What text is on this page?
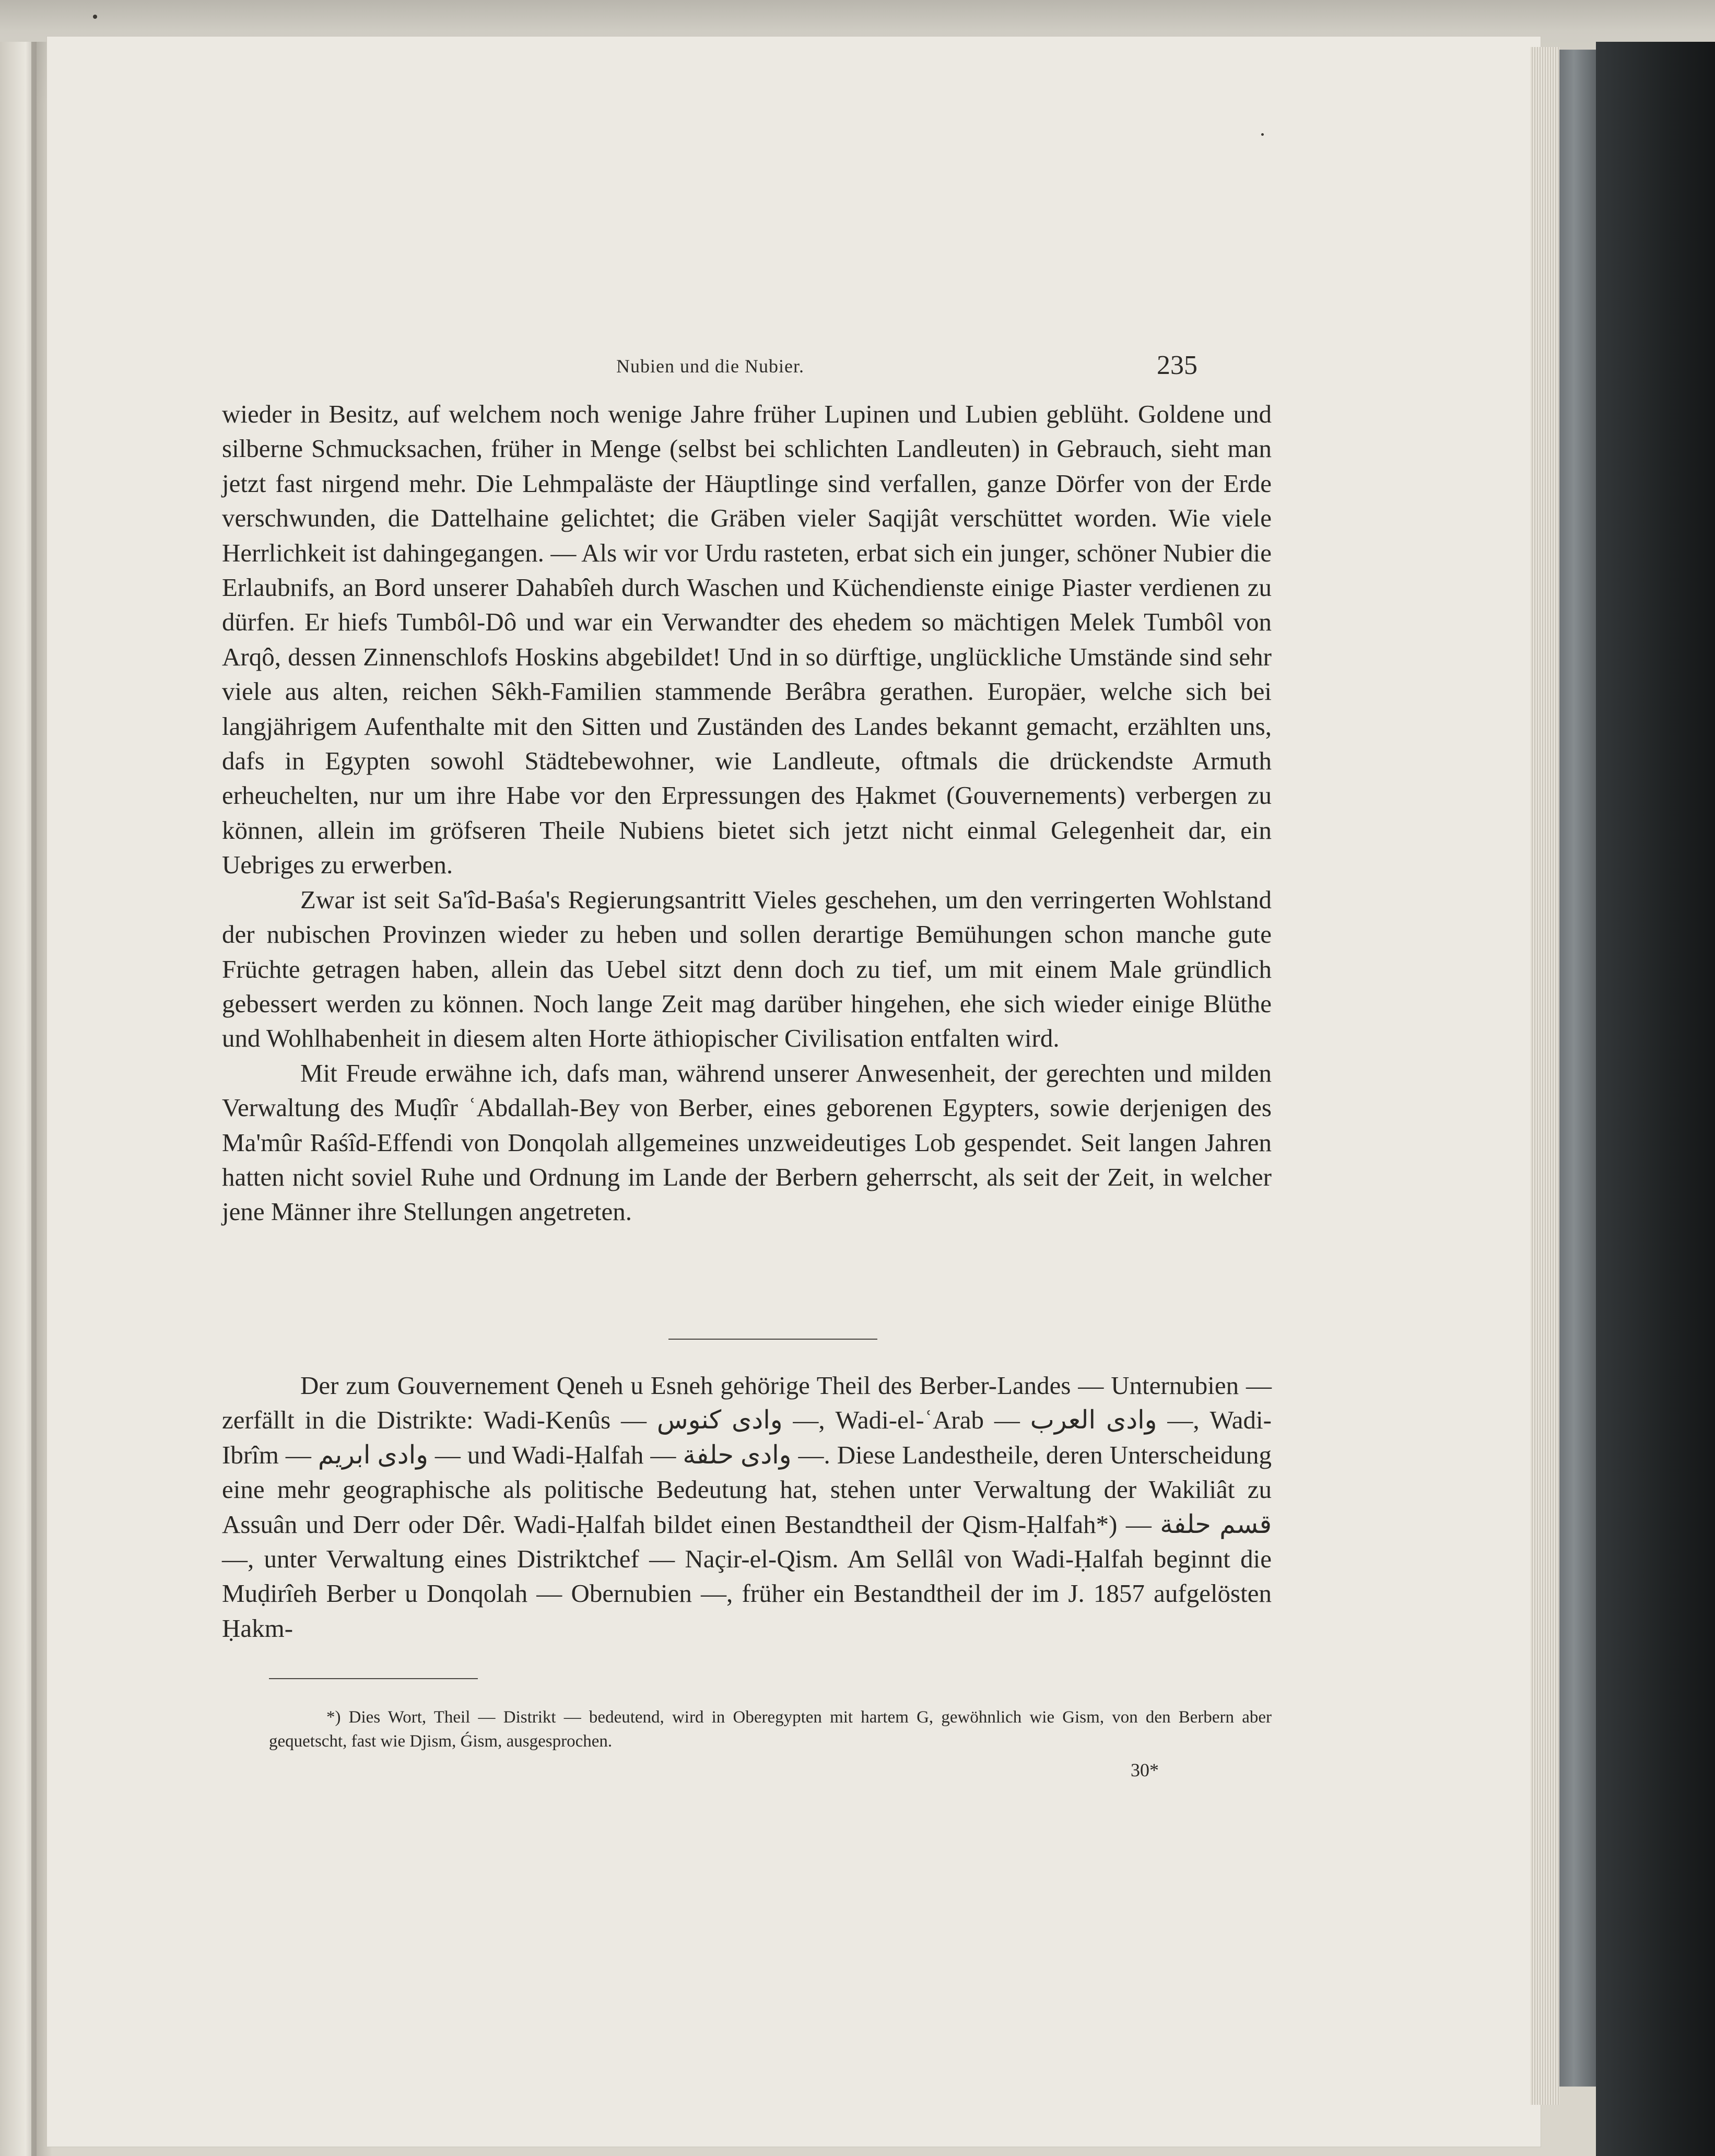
Nubien und die Nubier.	235

wieder in Besitz, auf welchem noch wenige Jahre früher Lupinen und Lubien geblüht. Goldene und silberne Schmucksachen, früher in Menge (selbst bei schlichten Landleuten) in Gebrauch, sieht man jetzt fast nirgend mehr. Die Lehmpaläste der Häuptlinge sind verfallen, ganze Dörfer von der Erde verschwunden, die Dattelhaine gelichtet; die Gräben vieler Saqijât verschüttet worden. Wie viele Herrlichkeit ist dahingegangen. — Als wir vor Urdu rasteten, erbat sich ein junger, schöner Nubier die Erlaubnifs, an Bord unserer Dahabîeh durch Waschen und Küchendienste einige Piaster verdienen zu dürfen. Er hiefs Tumbôl-Dô und war ein Verwandter des ehedem so mächtigen Melek Tumbôl von Arqô, dessen Zinnenschlofs Hoskins abgebildet! Und in so dürftige, unglückliche Umstände sind sehr viele aus alten, reichen Sêkh-Familien stammende Berâbra gerathen. Europäer, welche sich bei langjährigem Aufenthalte mit den Sitten und Zuständen des Landes bekannt gemacht, erzählten uns, dafs in Egypten sowohl Städtebewohner, wie Landleute, oftmals die drückendste Armuth erheuchelten, nur um ihre Habe vor den Erpressungen des Ḥakmet (Gouvernements) verbergen zu können, allein im gröfseren Theile Nubiens bietet sich jetzt nicht einmal Gelegenheit dar, ein Uebriges zu erwerben.

Zwar ist seit Sa'îd-Baśa's Regierungsantritt Vieles geschehen, um den verringerten Wohlstand der nubischen Provinzen wieder zu heben und sollen derartige Bemühungen schon manche gute Früchte getragen haben, allein das Uebel sitzt denn doch zu tief, um mit einem Male gründlich gebessert werden zu können. Noch lange Zeit mag darüber hingehen, ehe sich wieder einige Blüthe und Wohlhabenheit in diesem alten Horte äthiopischer Civilisation entfalten wird.

Mit Freude erwähne ich, dafs man, während unserer Anwesenheit, der gerechten und milden Verwaltung des Muḍîr ʿAbdallah-Bey von Berber, eines geborenen Egypters, sowie derjenigen des Ma'mûr Raśîd-Effendi von Donqolah allgemeines unzweideutiges Lob gespendet. Seit langen Jahren hatten nicht soviel Ruhe und Ordnung im Lande der Berbern geherrscht, als seit der Zeit, in welcher jene Männer ihre Stellungen angetreten.

Der zum Gouvernement Qeneh u Esneh gehörige Theil des Berber-Landes — Unternubien — zerfällt in die Distrikte: Wadi-Kenûs — وادى كنوس —, Wadi-el-ʿArab — وادى العرب —, Wadi-Ibrîm — وادى ابريم — und Wadi-Ḥalfah — وادى حلفة —. Diese Landestheile, deren Unterscheidung eine mehr geographische als politische Bedeutung hat, stehen unter Verwaltung der Wakiliât zu Assuân und Derr oder Dêr. Wadi-Ḥalfah bildet einen Bestandtheil der Qism-Ḥalfah*) — قسم حلفة —, unter Verwaltung eines Distriktchef — Naçir-el-Qism. Am Sellâl von Wadi-Ḥalfah beginnt die Muḍirîeh Berber u Donqolah — Obernubien —, früher ein Bestandtheil der im J. 1857 aufgelösten Ḥakm-

*) Dies Wort, Theil — Distrikt — bedeutend, wird in Oberegypten mit hartem G, gewöhnlich wie Gism, von den Berbern aber gequetscht, fast wie Djism, Ǵism, ausgesprochen.

30*
